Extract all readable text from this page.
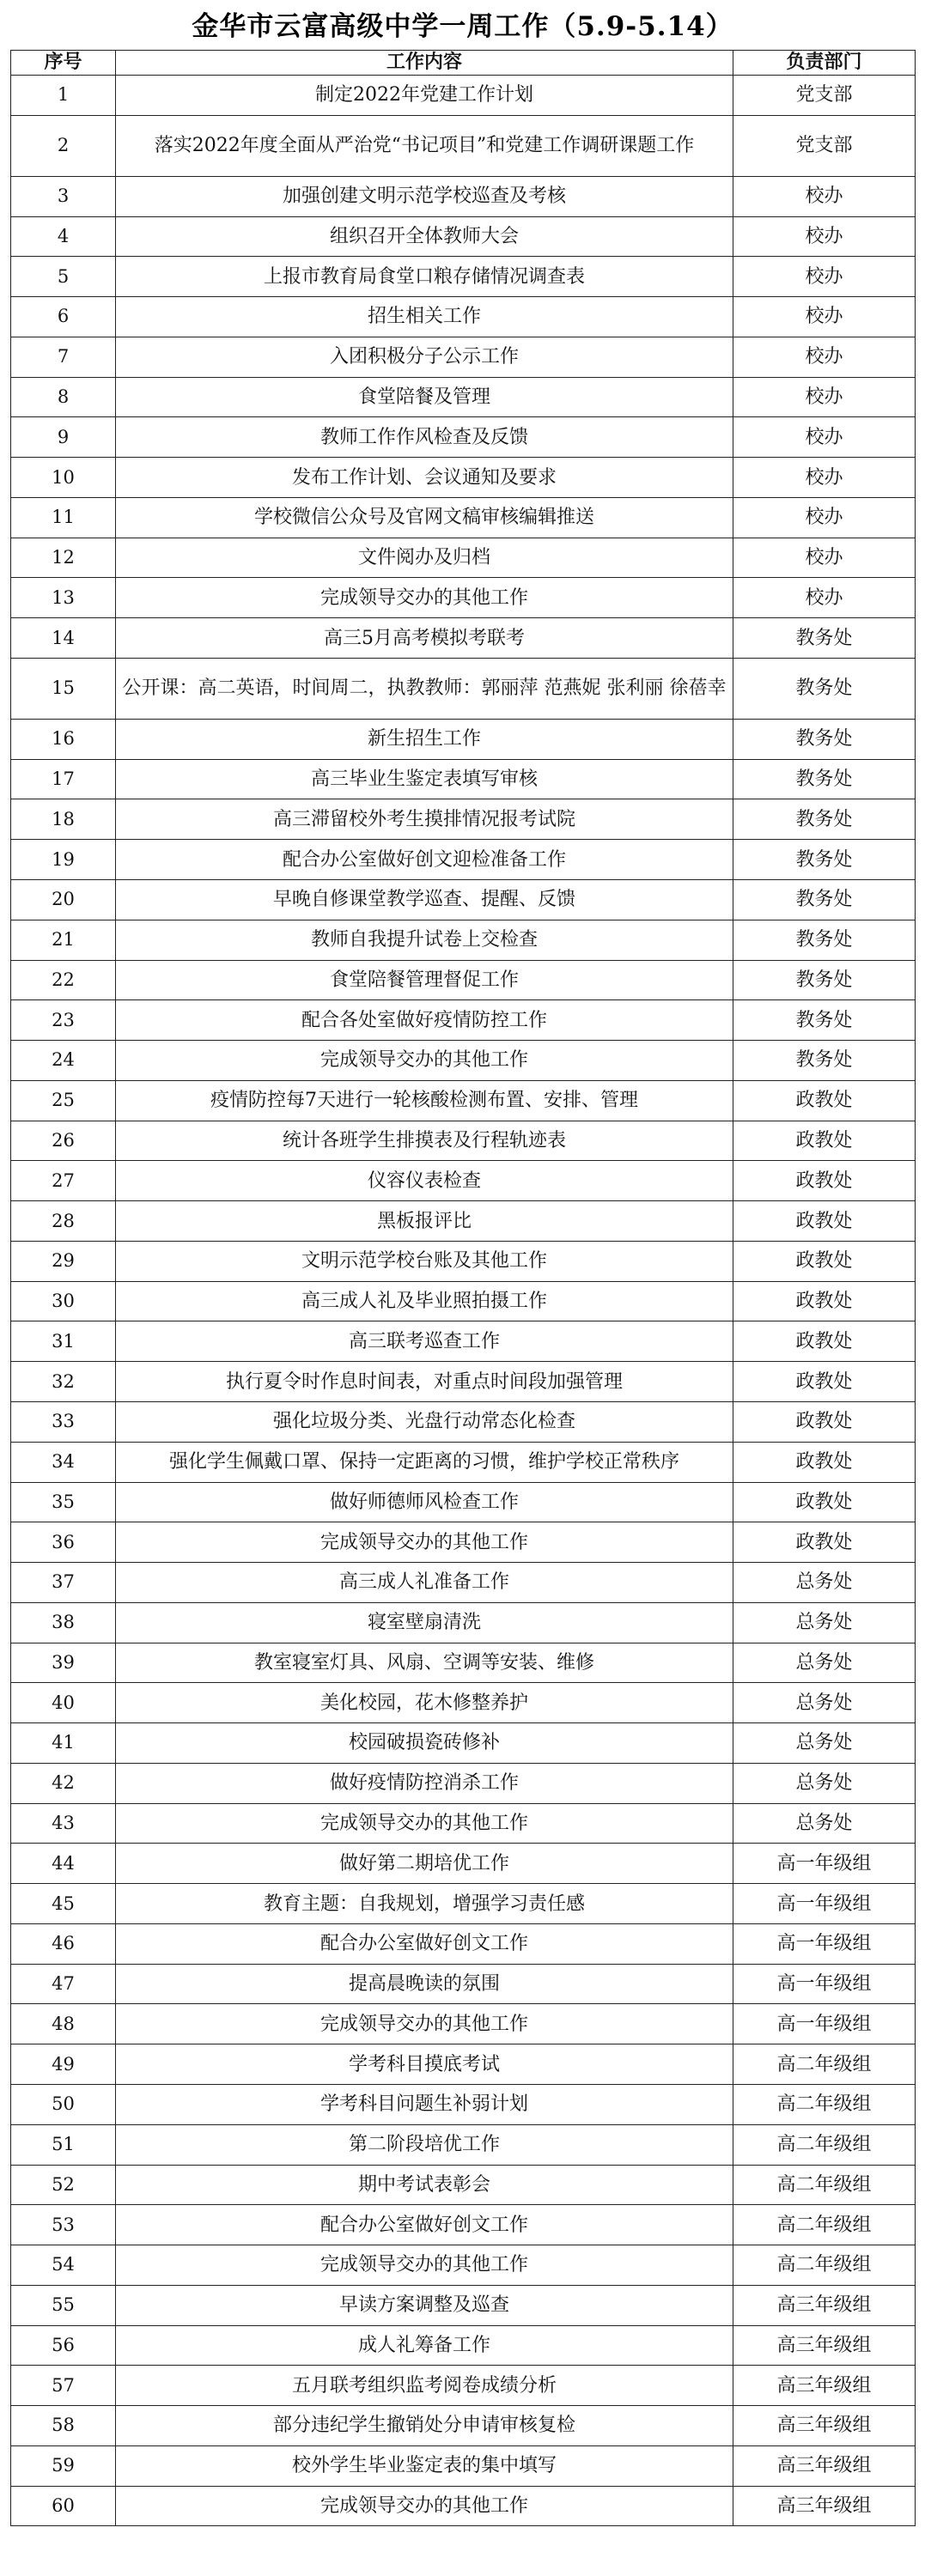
金华市云富高级中学一周工作（5.9-5.14）
序号	工作内容	负责部门
1	制定2022年党建工作计划	党支部
2	落实2022年度全面从严治党“书记项目”和党建工作调研课题工作	党支部
3	加强创建文明示范学校巡查及考核	校办
4	组织召开全体教师大会	校办
5	上报市教育局食堂口粮存储情况调查表	校办
6	招生相关工作	校办
7	入团积极分子公示工作	校办
8	食堂陪餐及管理	校办
9	教师工作作风检查及反馈	校办
10	发布工作计划、会议通知及要求	校办
11	学校微信公众号及官网文稿审核编辑推送	校办
12	文件阅办及归档	校办
13	完成领导交办的其他工作	校办
14	高三5月高考模拟考联考	教务处
15	公开课：高二英语，时间周二，执教教师：郭丽萍 范燕妮 张利丽 徐蓓幸	教务处
16	新生招生工作	教务处
17	高三毕业生鉴定表填写审核	教务处
18	高三滞留校外考生摸排情况报考试院	教务处
19	配合办公室做好创文迎检准备工作	教务处
20	早晚自修课堂教学巡查、提醒、反馈	教务处
21	教师自我提升试卷上交检查	教务处
22	食堂陪餐管理督促工作	教务处
23	配合各处室做好疫情防控工作	教务处
24	完成领导交办的其他工作	教务处
25	疫情防控每7天进行一轮核酸检测布置、安排、管理	政教处
26	统计各班学生排摸表及行程轨迹表	政教处
27	仪容仪表检查	政教处
28	黑板报评比	政教处
29	文明示范学校台账及其他工作	政教处
30	高三成人礼及毕业照拍摄工作	政教处
31	高三联考巡查工作	政教处
32	执行夏令时作息时间表，对重点时间段加强管理	政教处
33	强化垃圾分类、光盘行动常态化检查	政教处
34	强化学生佩戴口罩、保持一定距离的习惯，维护学校正常秩序	政教处
35	做好师德师风检查工作	政教处
36	完成领导交办的其他工作	政教处
37	高三成人礼准备工作	总务处
38	寝室壁扇清洗	总务处
39	教室寝室灯具、风扇、空调等安装、维修	总务处
40	美化校园，花木修整养护	总务处
41	校园破损瓷砖修补	总务处
42	做好疫情防控消杀工作	总务处
43	完成领导交办的其他工作	总务处
44	做好第二期培优工作	高一年级组
45	教育主题：自我规划，增强学习责任感	高一年级组
46	配合办公室做好创文工作	高一年级组
47	提高晨晚读的氛围	高一年级组
48	完成领导交办的其他工作	高一年级组
49	学考科目摸底考试	高二年级组
50	学考科目问题生补弱计划	高二年级组
51	第二阶段培优工作	高二年级组
52	期中考试表彰会	高二年级组
53	配合办公室做好创文工作	高二年级组
54	完成领导交办的其他工作	高二年级组
55	早读方案调整及巡查	高三年级组
56	成人礼筹备工作	高三年级组
57	五月联考组织监考阅卷成绩分析	高三年级组
58	部分违纪学生撤销处分申请审核复检	高三年级组
59	校外学生毕业鉴定表的集中填写	高三年级组
60	完成领导交办的其他工作	高三年级组
